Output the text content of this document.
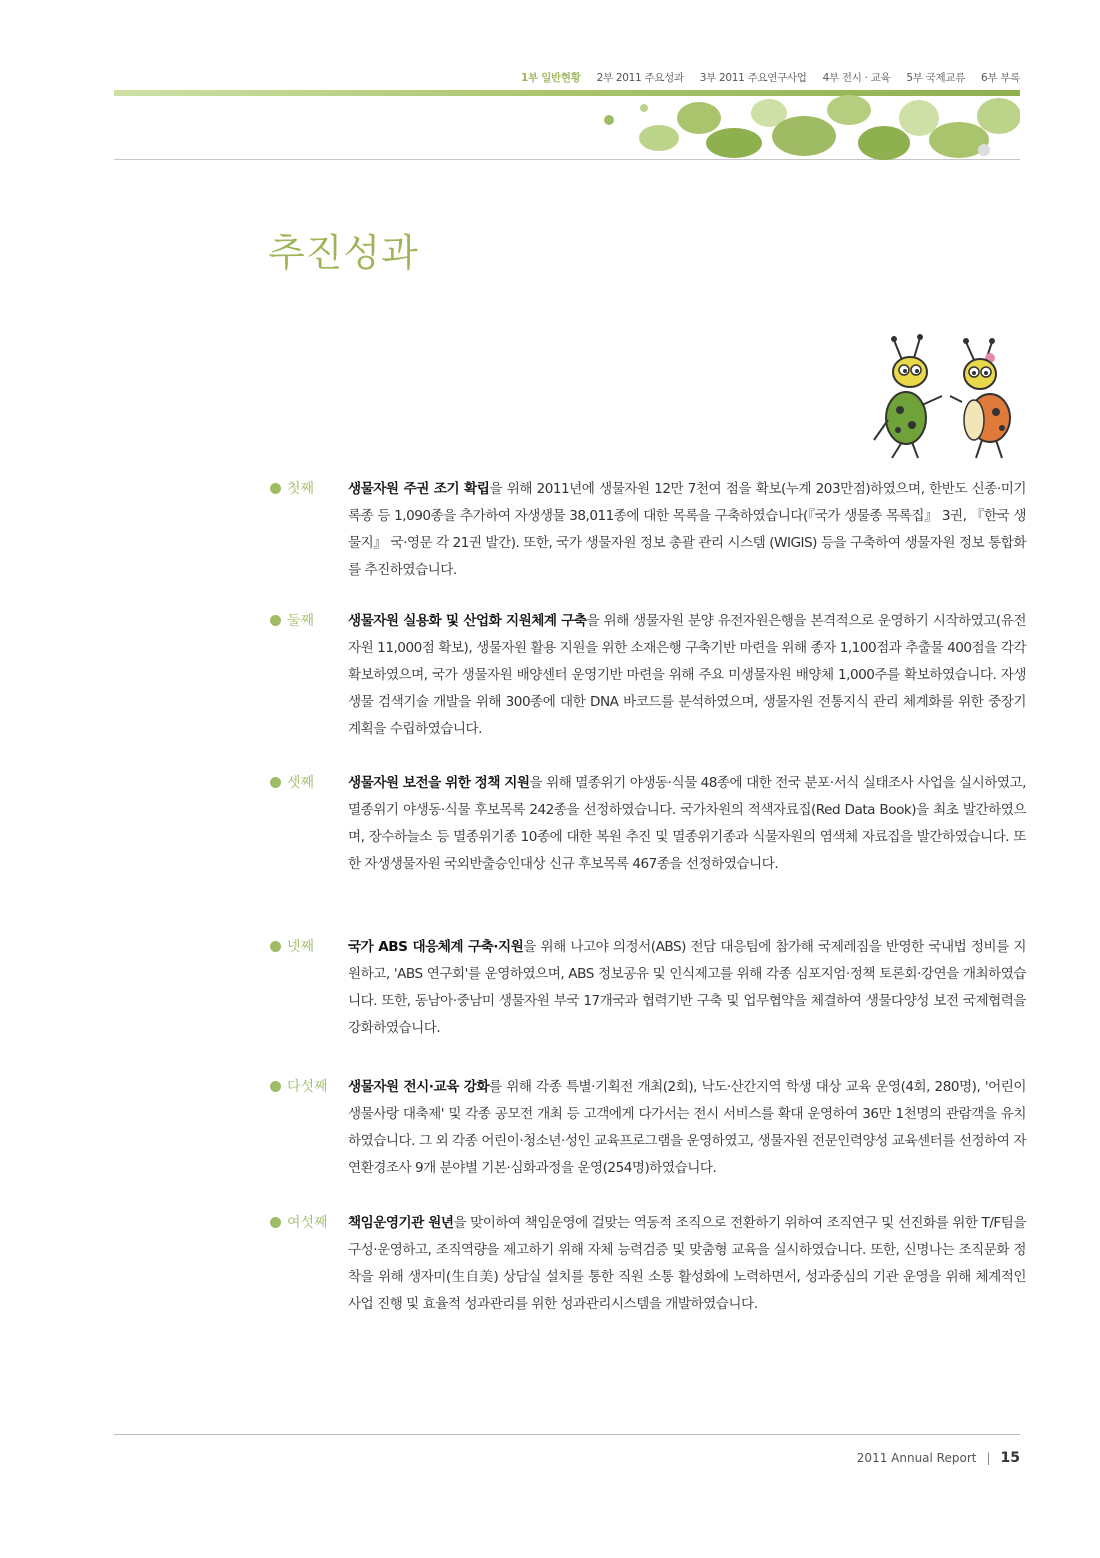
1부 일반현황 2부 2011 주요성과 3부 2011 주요연구사업 4부 전시 · 교육 5부 국제교류 6부 부록
추진성과
첫째 생물자원 주권 조기 확립을 위해 2011년에 생물자원 12만 7천여 점을 확보(누계 203만점)하였으며, 한반도 신종·미기록종 등 1,090종을 추가하여 자생생물 38,011종에 대한 목록을 구축하였습니다(『국가 생물종 목록집』 3권, 『한국 생물지』 국·영문 각 21권 발간). 또한, 국가 생물자원 정보 총괄 관리 시스템 (WIGIS) 등을 구축하여 생물자원 정보 통합화를 추진하였습니다.

둘째 생물자원 실용화 및 산업화 지원체계 구축을 위해 생물자원 분양 유전자원은행을 본격적으로 운영하기 시작하였고(유전자원 11,000점 확보), 생물자원 활용 지원을 위한 소재은행 구축기반 마련을 위해 종자 1,100점과 추출물 400점을 각각 확보하였으며, 국가 생물자원 배양센터 운영기반 마련을 위해 주요 미생물자원 배양체 1,000주를 확보하였습니다. 자생생물 검색기술 개발을 위해 300종에 대한 DNA 바코드를 분석하였으며, 생물자원 전통지식 관리 체계화를 위한 중장기계획을 수립하였습니다.

셋째 생물자원 보전을 위한 정책 지원을 위해 멸종위기 야생동·식물 48종에 대한 전국 분포·서식 실태조사 사업을 실시하였고, 멸종위기 야생동·식물 후보목록 242종을 선정하였습니다. 국가차원의 적색자료집(Red Data Book)을 최초 발간하였으며, 장수하늘소 등 멸종위기종 10종에 대한 복원 추진 및 멸종위기종과 식물자원의 염색체 자료집을 발간하였습니다. 또한 자생생물자원 국외반출승인대상 신규 후보목록 467종을 선정하였습니다.

넷째 국가 ABS 대응체계 구축·지원을 위해 나고야 의정서(ABS) 전담 대응팀에 참가해 국제레짐을 반영한 국내법 정비를 지원하고, 'ABS 연구회'를 운영하였으며, ABS 정보공유 및 인식제고를 위해 각종 심포지엄·정책 토론회·강연을 개최하였습니다. 또한, 동남아·중남미 생물자원 부국 17개국과 협력기반 구축 및 업무협약을 체결하여 생물다양성 보전 국제협력을 강화하였습니다.

다섯째 생물자원 전시·교육 강화를 위해 각종 특별·기획전 개최(2회), 낙도·산간지역 학생 대상 교육 운영(4회, 280명), '어린이 생물사랑 대축제' 및 각종 공모전 개최 등 고객에게 다가서는 전시 서비스를 확대 운영하여 36만 1천명의 관람객을 유치하였습니다. 그 외 각종 어린이·청소년·성인 교육프로그램을 운영하였고, 생물자원 전문인력양성 교육센터를 선정하여 자연환경조사 9개 분야별 기본·심화과정을 운영(254명)하였습니다.

여섯째 책임운영기관 원년을 맞이하여 책임운영에 걸맞는 역동적 조직으로 전환하기 위하여 조직연구 및 선진화를 위한 T/F팀을 구성·운영하고, 조직역량을 제고하기 위해 자체 능력검증 및 맞춤형 교육을 실시하였습니다. 또한, 신명나는 조직문화 정착을 위해 생자미(生自美) 상담실 설치를 통한 직원 소통 활성화에 노력하면서, 성과중심의 기관 운영을 위해 체계적인 사업 진행 및 효율적 성과관리를 위한 성과관리시스템을 개발하였습니다.

2011 Annual Report | 15
